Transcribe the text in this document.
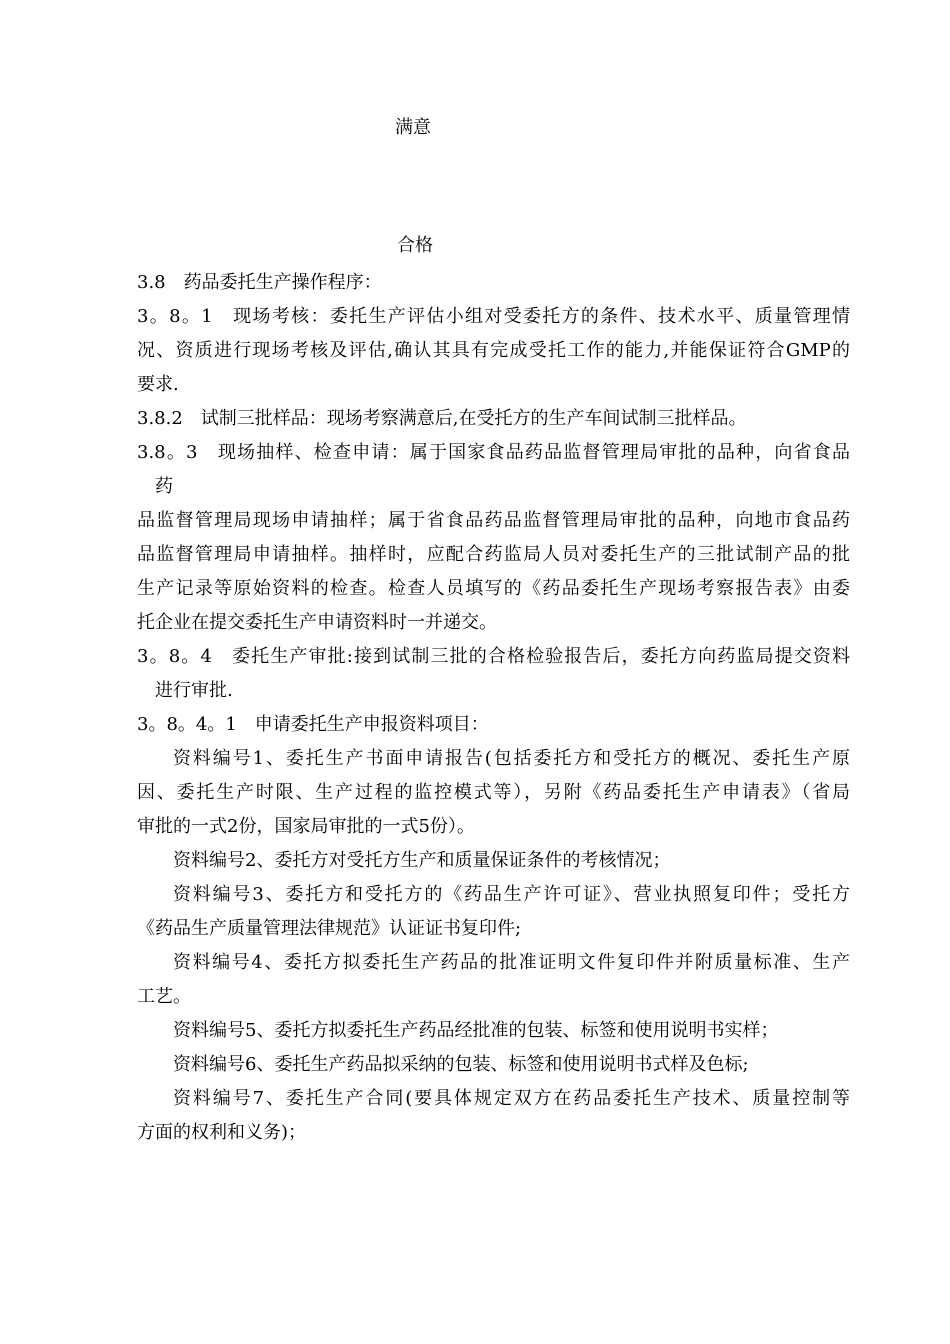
满意
合格
3.8　药品委托生产操作程序：
3。8。1　现场考核：委托生产评估小组对受委托方的条件、技术水平、质量管理情
况、资质进行现场考核及评估,确认其具有完成受托工作的能力,并能保证符合GMP的
要求.
3.8.2　试制三批样品：现场考察满意后,在受托方的生产车间试制三批样品。
3.8。3　现场抽样、检查申请：属于国家食品药品监督管理局审批的品种，向省食品
药
品监督管理局现场申请抽样；属于省食品药品监督管理局审批的品种，向地市食品药
品监督管理局申请抽样。抽样时，应配合药监局人员对委托生产的三批试制产品的批
生产记录等原始资料的检查。检查人员填写的《药品委托生产现场考察报告表》由委
托企业在提交委托生产申请资料时一并递交。
3。8。4　委托生产审批:接到试制三批的合格检验报告后，委托方向药监局提交资料
进行审批.
3。8。4。1　申请委托生产申报资料项目：
资料编号1、委托生产书面申请报告(包括委托方和受托方的概况、委托生产原
因、委托生产时限、生产过程的监控模式等），另附《药品委托生产申请表》（省局
审批的一式2份，国家局审批的一式5份）。
资料编号2、委托方对受托方生产和质量保证条件的考核情况；
资料编号3、委托方和受托方的《药品生产许可证》、营业执照复印件；受托方
《药品生产质量管理法律规范》认证证书复印件;
资料编号4、委托方拟委托生产药品的批准证明文件复印件并附质量标准、生产
工艺。
资料编号5、委托方拟委托生产药品经批准的包装、标签和使用说明书实样；
资料编号6、委托生产药品拟采纳的包装、标签和使用说明书式样及色标;
资料编号7、委托生产合同(要具体规定双方在药品委托生产技术、质量控制等
方面的权利和义务)；
